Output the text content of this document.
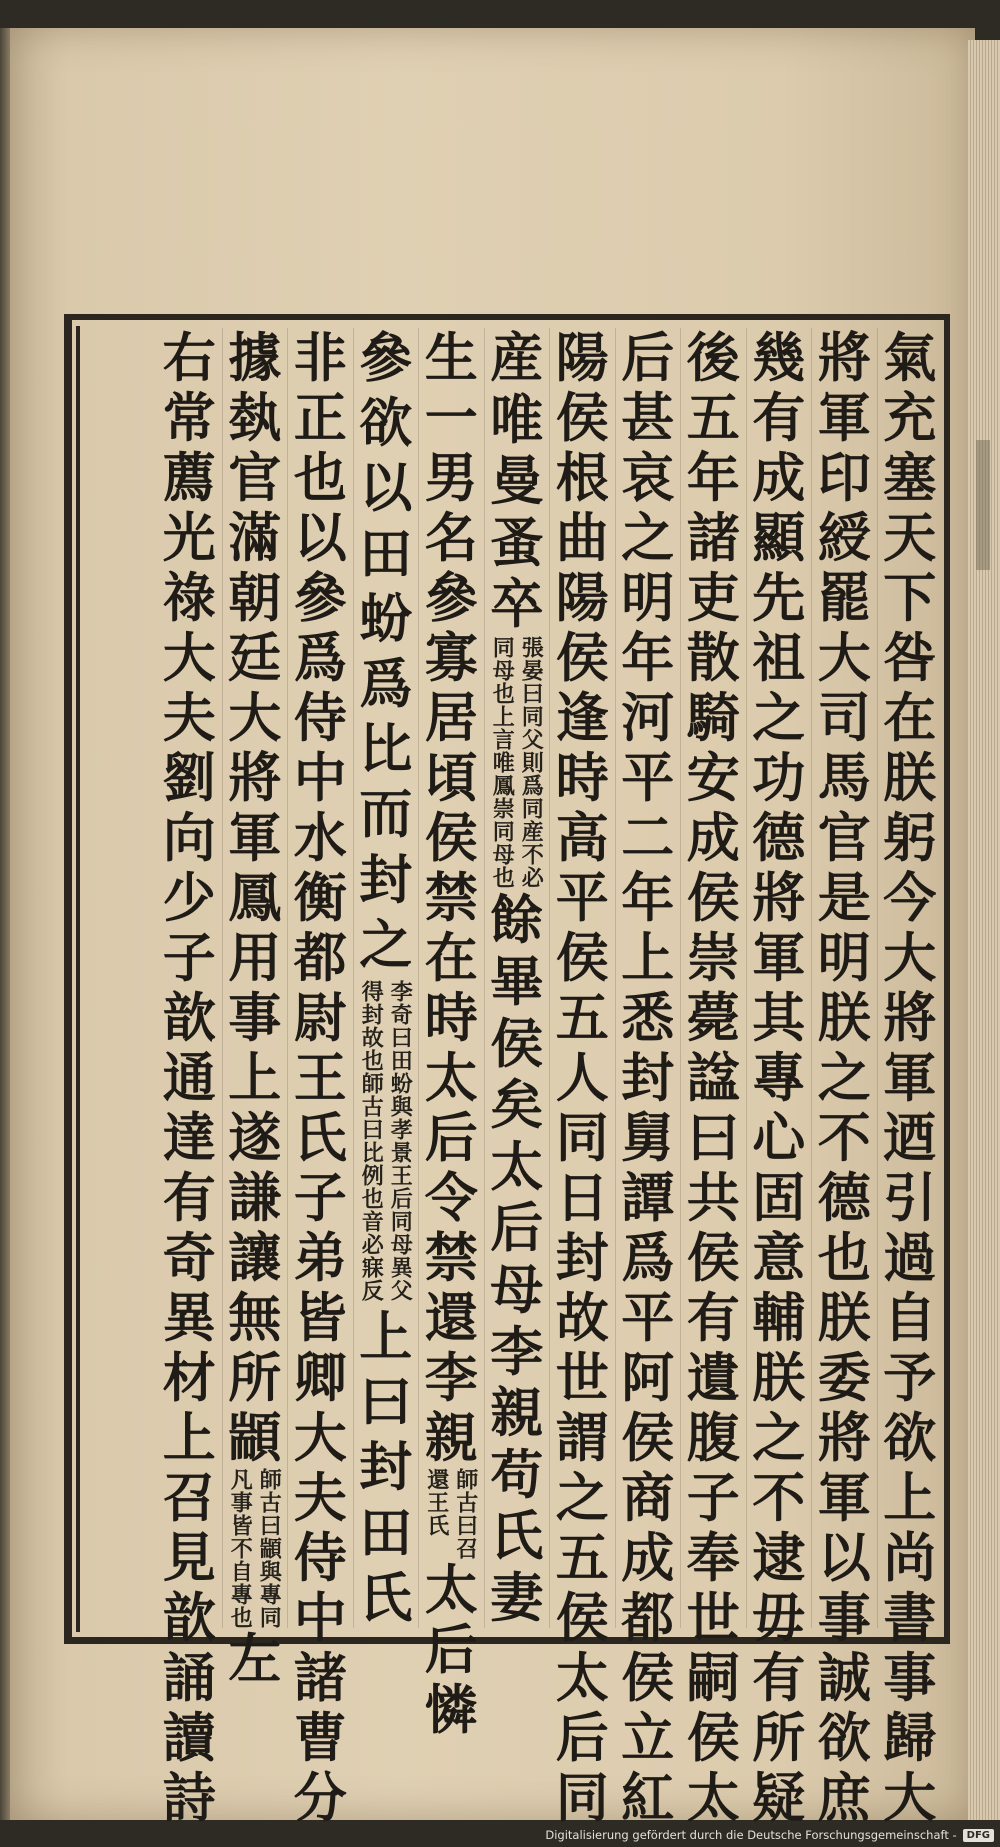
氣
充
塞
天
下
咎
在
朕
躬
今
大
將
軍
迺
引
過
自
予
欲
上
尚
書
事
歸
大
將
軍
印
綬
罷
大
司
馬
官
是
明
朕
之
不
德
也
朕
委
將
軍
以
事
誠
欲
庶
幾
有
成
顯
先
祖
之
功
德
將
軍
其
專
心
固
意
輔
朕
之
不
逮
毋
有
所
疑
後
五
年
諸
吏
散
騎
安
成
侯
崇
薨
諡
曰
共
侯
有
遺
腹
子
奉
世
嗣
侯
太
后
甚
哀
之
明
年
河
平
二
年
上
悉
封
舅
譚
爲
平
阿
侯
商
成
都
侯
立
紅
陽
侯
根
曲
陽
侯
逢
時
高
平
侯
五
人
同
日
封
故
世
謂
之
五
侯
太
后
同
産
唯
曼
蚤
卒
張晏曰同父則爲同産不必
同母也上言唯鳳崇同母也
餘
畢
侯
矣
太
后
母
李
親
苟
氏
妻
生
一
男
名
參
寡
居
頃
侯
禁
在
時
太
后
令
禁
還
李
親
師古曰召
還王氏
太
后
憐
參
欲
以
田
蚡
爲
比
而
封
之
李奇曰田蚡與孝景王后同母異父
得封故也師古曰比例也音必寐反
上
曰
封
田
氏
非
正
也
以
參
爲
侍
中
水
衡
都
尉
王
氏
子
弟
皆
卿
大
夫
侍
中
諸
曹
分
據
埶
官
滿
朝
廷
大
將
軍
鳳
用
事
上
遂
謙
讓
無
所
顓
師古曰顓與專同
凡事皆不自專也
左
右
常
薦
光
祿
大
夫
劉
向
少
子
歆
通
達
有
奇
異
材
上
召
見
歆
誦
讀
詩
Digitalisierung gefördert durch die Deutsche Forschungsgemeinschaft -	DFG
